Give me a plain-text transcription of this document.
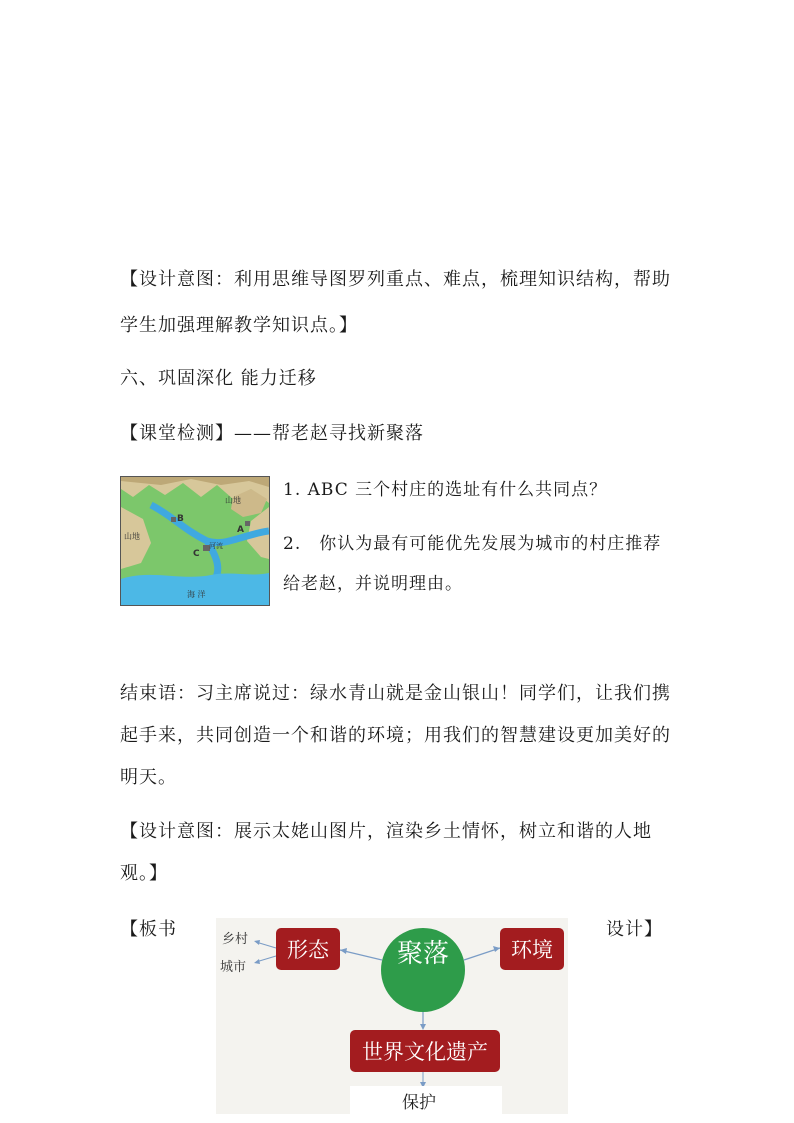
【设计意图：利用思维导图罗列重点、难点，梳理知识结构，帮助
学生加强理解教学知识点。】
六、巩固深化 能力迁移
【课堂检测】——帮老赵寻找新聚落
山地
山地
河流
海 洋
B
C
A
1. ABC 三个村庄的选址有什么共同点？
2.　你认为最有可能优先发展为城市的村庄推荐
给老赵，并说明理由。
结束语：习主席说过：绿水青山就是金山银山！同学们，让我们携
起手来，共同创造一个和谐的环境；用我们的智慧建设更加美好的
明天。
【设计意图：展示太姥山图片，渲染乡土情怀，树立和谐的人地
观。】
【板书	设计】
聚落
形态	环境
世界文化遗产
乡村
城市
保护
